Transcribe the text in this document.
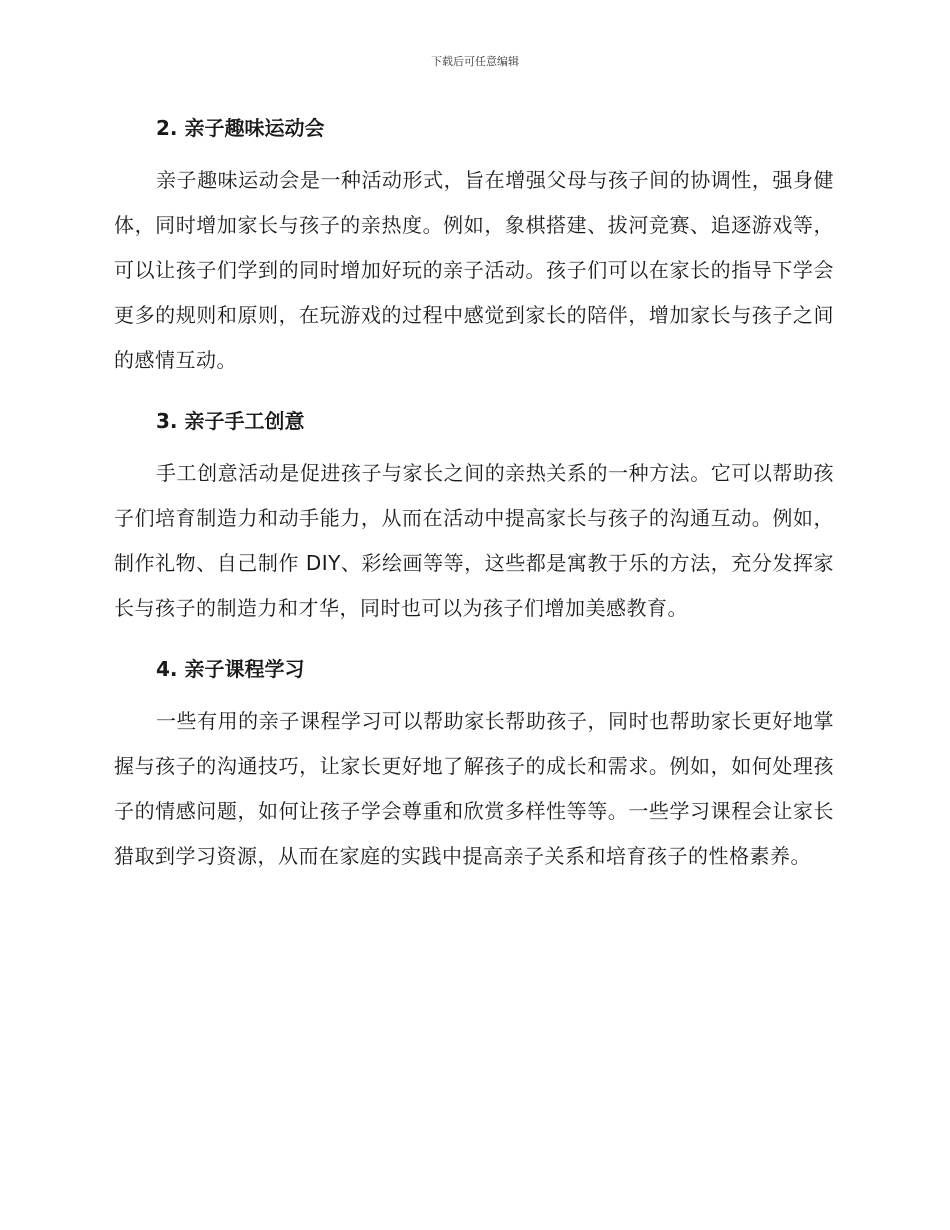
下载后可任意编辑
2. 亲子趣味运动会

亲子趣味运动会是一种活动形式，旨在增强父母与孩子间的协调性，强身健体，同时增加家长与孩子的亲热度。例如，象棋搭建、拔河竞赛、追逐游戏等，可以让孩子们学到的同时增加好玩的亲子活动。孩子们可以在家长的指导下学会更多的规则和原则，在玩游戏的过程中感觉到家长的陪伴，增加家长与孩子之间的感情互动。

3. 亲子手工创意

手工创意活动是促进孩子与家长之间的亲热关系的一种方法。它可以帮助孩子们培育制造力和动手能力，从而在活动中提高家长与孩子的沟通互动。例如，制作礼物、自己制作 DIY、彩绘画等等，这些都是寓教于乐的方法，充分发挥家长与孩子的制造力和才华，同时也可以为孩子们增加美感教育。

4. 亲子课程学习

一些有用的亲子课程学习可以帮助家长帮助孩子，同时也帮助家长更好地掌握与孩子的沟通技巧，让家长更好地了解孩子的成长和需求。例如，如何处理孩子的情感问题，如何让孩子学会尊重和欣赏多样性等等。一些学习课程会让家长猎取到学习资源，从而在家庭的实践中提高亲子关系和培育孩子的性格素养。
